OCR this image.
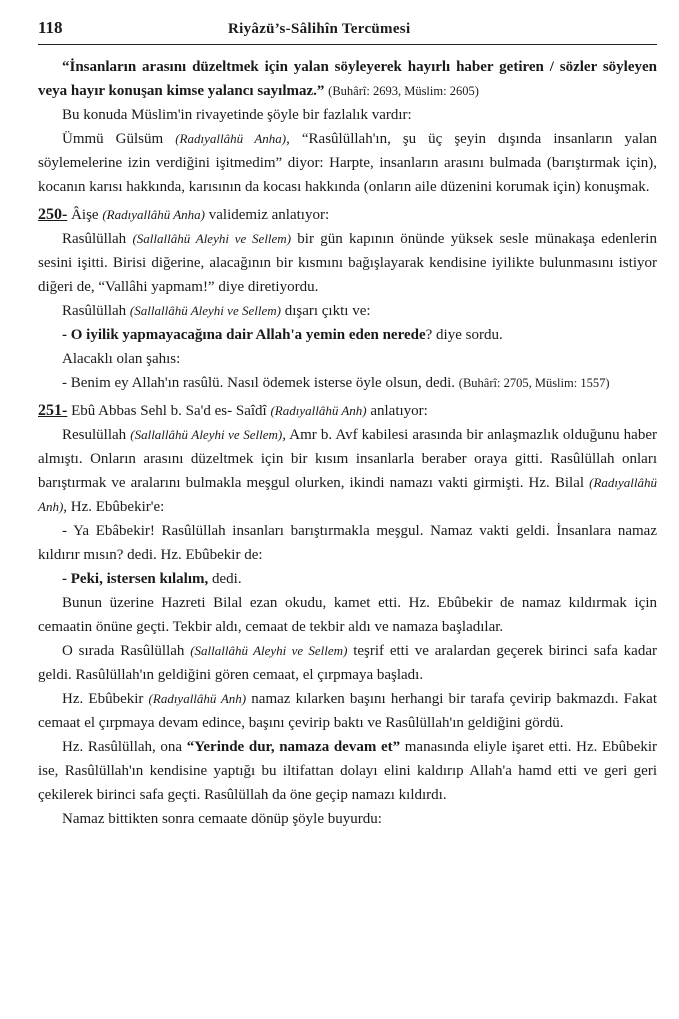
118	Riyâzü’s-Sâlihîn Tercümesi

“İnsanların arasını düzeltmek için yalan söyleyerek hayırlı haber getiren / sözler söyleyen veya hayır konuşan kimse yalancı sayılmaz.” (Buhârî: 2693, Müslim: 2605)

Bu konuda Müslim'in rivayetinde şöyle bir fazlalık vardır:

Ümmü Gülsüm (Radıyallâhü Anha), “Rasûlüllah'ın, şu üç şeyin dışında insanların yalan söylemelerine izin verdiğini işitmedim” diyor: Harpte, insanların arasını bulmada (barıştırmak için), kocanın karısı hakkında, karısının da kocası hakkında (onların aile düzenini korumak için) konuşmak.

250- Âişe (Radıyallâhü Anha) validemiz anlatıyor:

Rasûlüllah (Sallallâhü Aleyhi ve Sellem) bir gün kapının önünde yüksek sesle münakaşa edenlerin sesini işitti. Birisi diğerine, alacağının bir kısmını bağışlayarak kendisine iyilikte bulunmasını istiyor diğeri de, “Vallâhi yapmam!” diye diretiyordu.

Rasûlüllah (Sallallâhü Aleyhi ve Sellem) dışarı çıktı ve:

- O iyilik yapmayacağına dair Allah'a yemin eden nerede? diye sordu.

Alacaklı olan şahıs:

- Benim ey Allah'ın rasûlü. Nasıl ödemek isterse öyle olsun, dedi. (Buhârî: 2705, Müslim: 1557)

251- Ebû Abbas Sehl b. Sa'd es- Saîdî (Radıyallâhü Anh) anlatıyor:

Resulüllah (Sallallâhü Aleyhi ve Sellem), Amr b. Avf kabilesi arasında bir anlaşmazlık olduğunu haber almıştı. Onların arasını düzeltmek için bir kısım insanlarla beraber oraya gitti. Rasûlüllah onları barıştırmak ve aralarını bulmakla meşgul olurken, ikindi namazı vakti girmişti. Hz. Bilal (Radıyallâhü Anh), Hz. Ebûbekir'e:

- Ya Ebâbekir! Rasûlüllah insanları barıştırmakla meşgul. Namaz vakti geldi. İnsanlara namaz kıldırır mısın? dedi. Hz. Ebûbekir de:

- Peki, istersen kılalım, dedi.

Bunun üzerine Hazreti Bilal ezan okudu, kamet etti. Hz. Ebûbekir de namaz kıldırmak için cemaatin önüne geçti. Tekbir aldı, cemaat de tekbir aldı ve namaza başladılar.

O sırada Rasûlüllah (Sallallâhü Aleyhi ve Sellem) teşrif etti ve aralardan geçerek birinci safa kadar geldi. Rasûlüllah'ın geldiğini gören cemaat, el çırpmaya başladı.

Hz. Ebûbekir (Radıyallâhü Anh) namaz kılarken başını herhangi bir tarafa çevirip bakmazdı. Fakat cemaat el çırpmaya devam edince, başını çevirip baktı ve Rasûlüllah'ın geldiğini gördü.

Hz. Rasûlüllah, ona “Yerinde dur, namaza devam et” manasında eliyle işaret etti. Hz. Ebûbekir ise, Rasûlüllah'ın kendisine yaptığı bu iltifattan dolayı elini kaldırıp Allah'a hamd etti ve geri geri çekilerek birinci safa geçti. Rasûlüllah da öne geçip namazı kıldırdı.

Namaz bittikten sonra cemaate dönüp şöyle buyurdu:
